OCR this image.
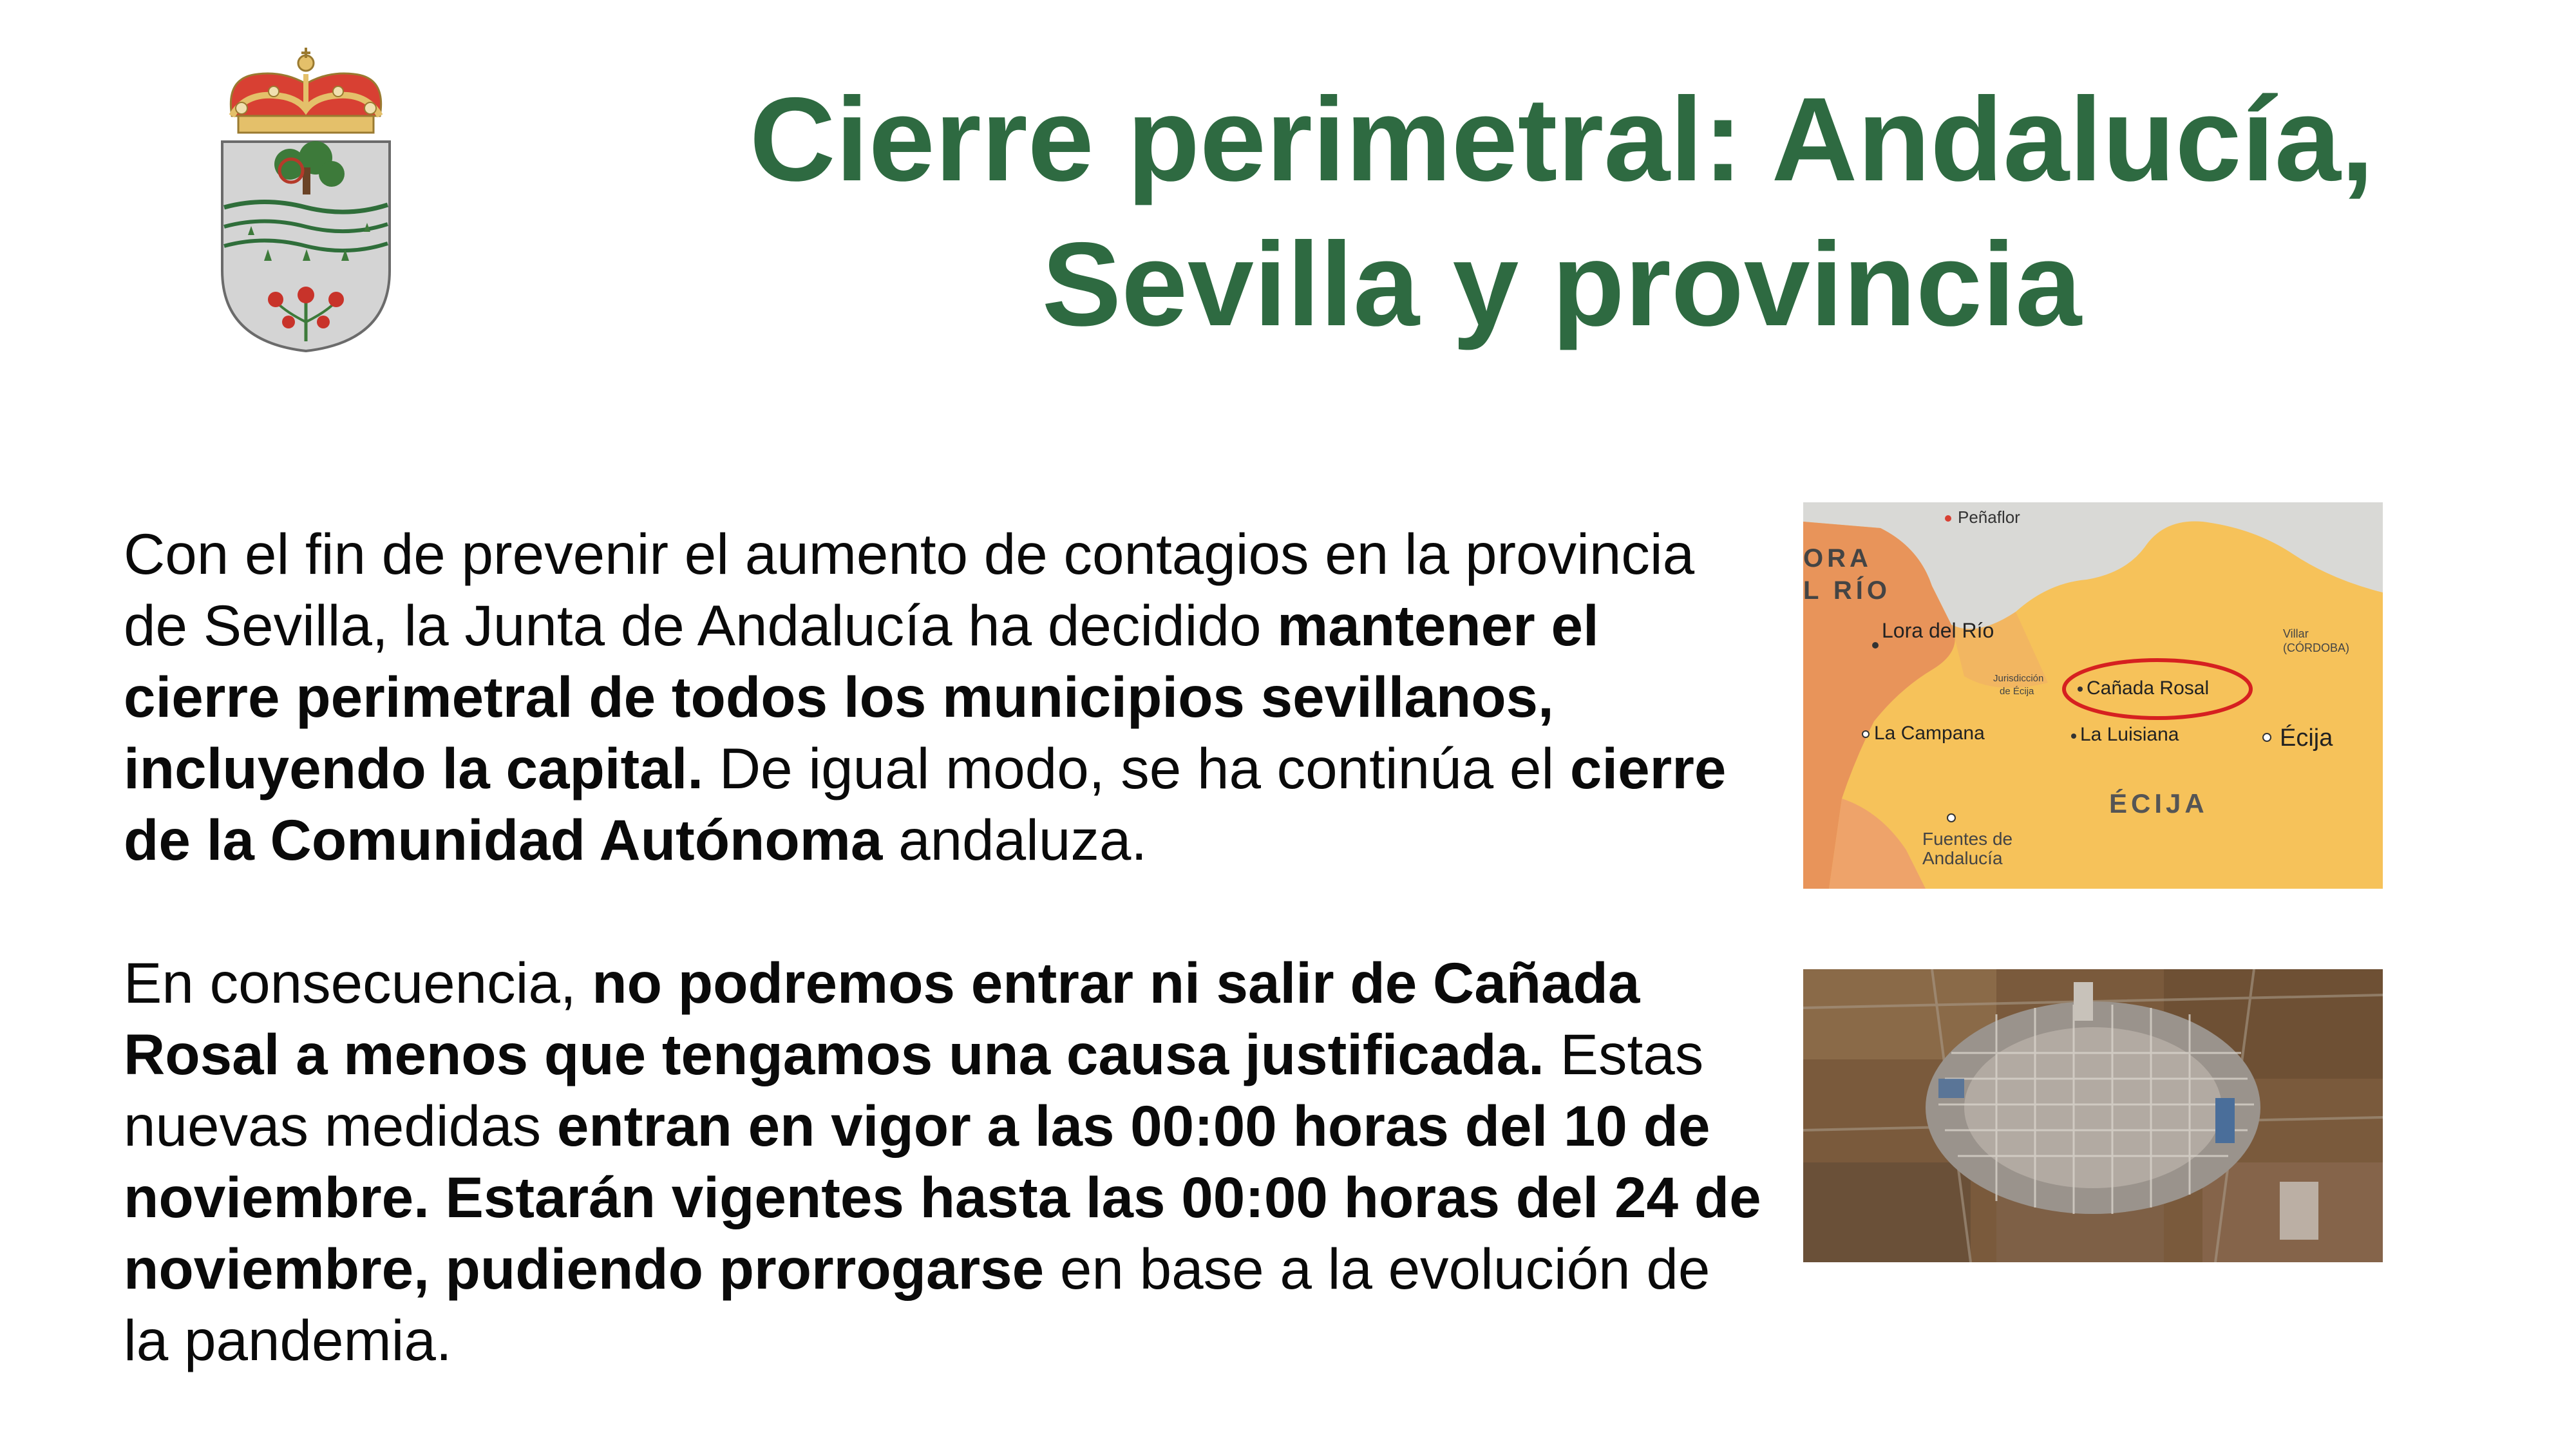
Cierre perimetral: Andalucía,
Sevilla y provincia

Con el fin de prevenir el aumento de contagios en la provincia de Sevilla, la Junta de Andalucía ha decidido mantener el cierre perimetral de todos los municipios sevillanos, incluyendo la capital. De igual modo, se ha continúa el cierre de la Comunidad Autónoma andaluza.

En consecuencia, no podremos entrar ni salir de Cañada Rosal a menos que tengamos una causa justificada. Estas nuevas medidas entran en vigor a las 00:00 horas del 10 de noviembre. Estarán vigentes hasta las 00:00 horas del 24 de noviembre, pudiendo prorrogarse en base a la evolución de la pandemia.

Peñaflor
ORA
L RÍO
Lora del Río	Villar
(CÓRDOBA)
Jurisdicción
de Écija	Cañada Rosal
La Campana	La Luisiana	Écija
ÉCIJA
Fuentes de
Andalucía
